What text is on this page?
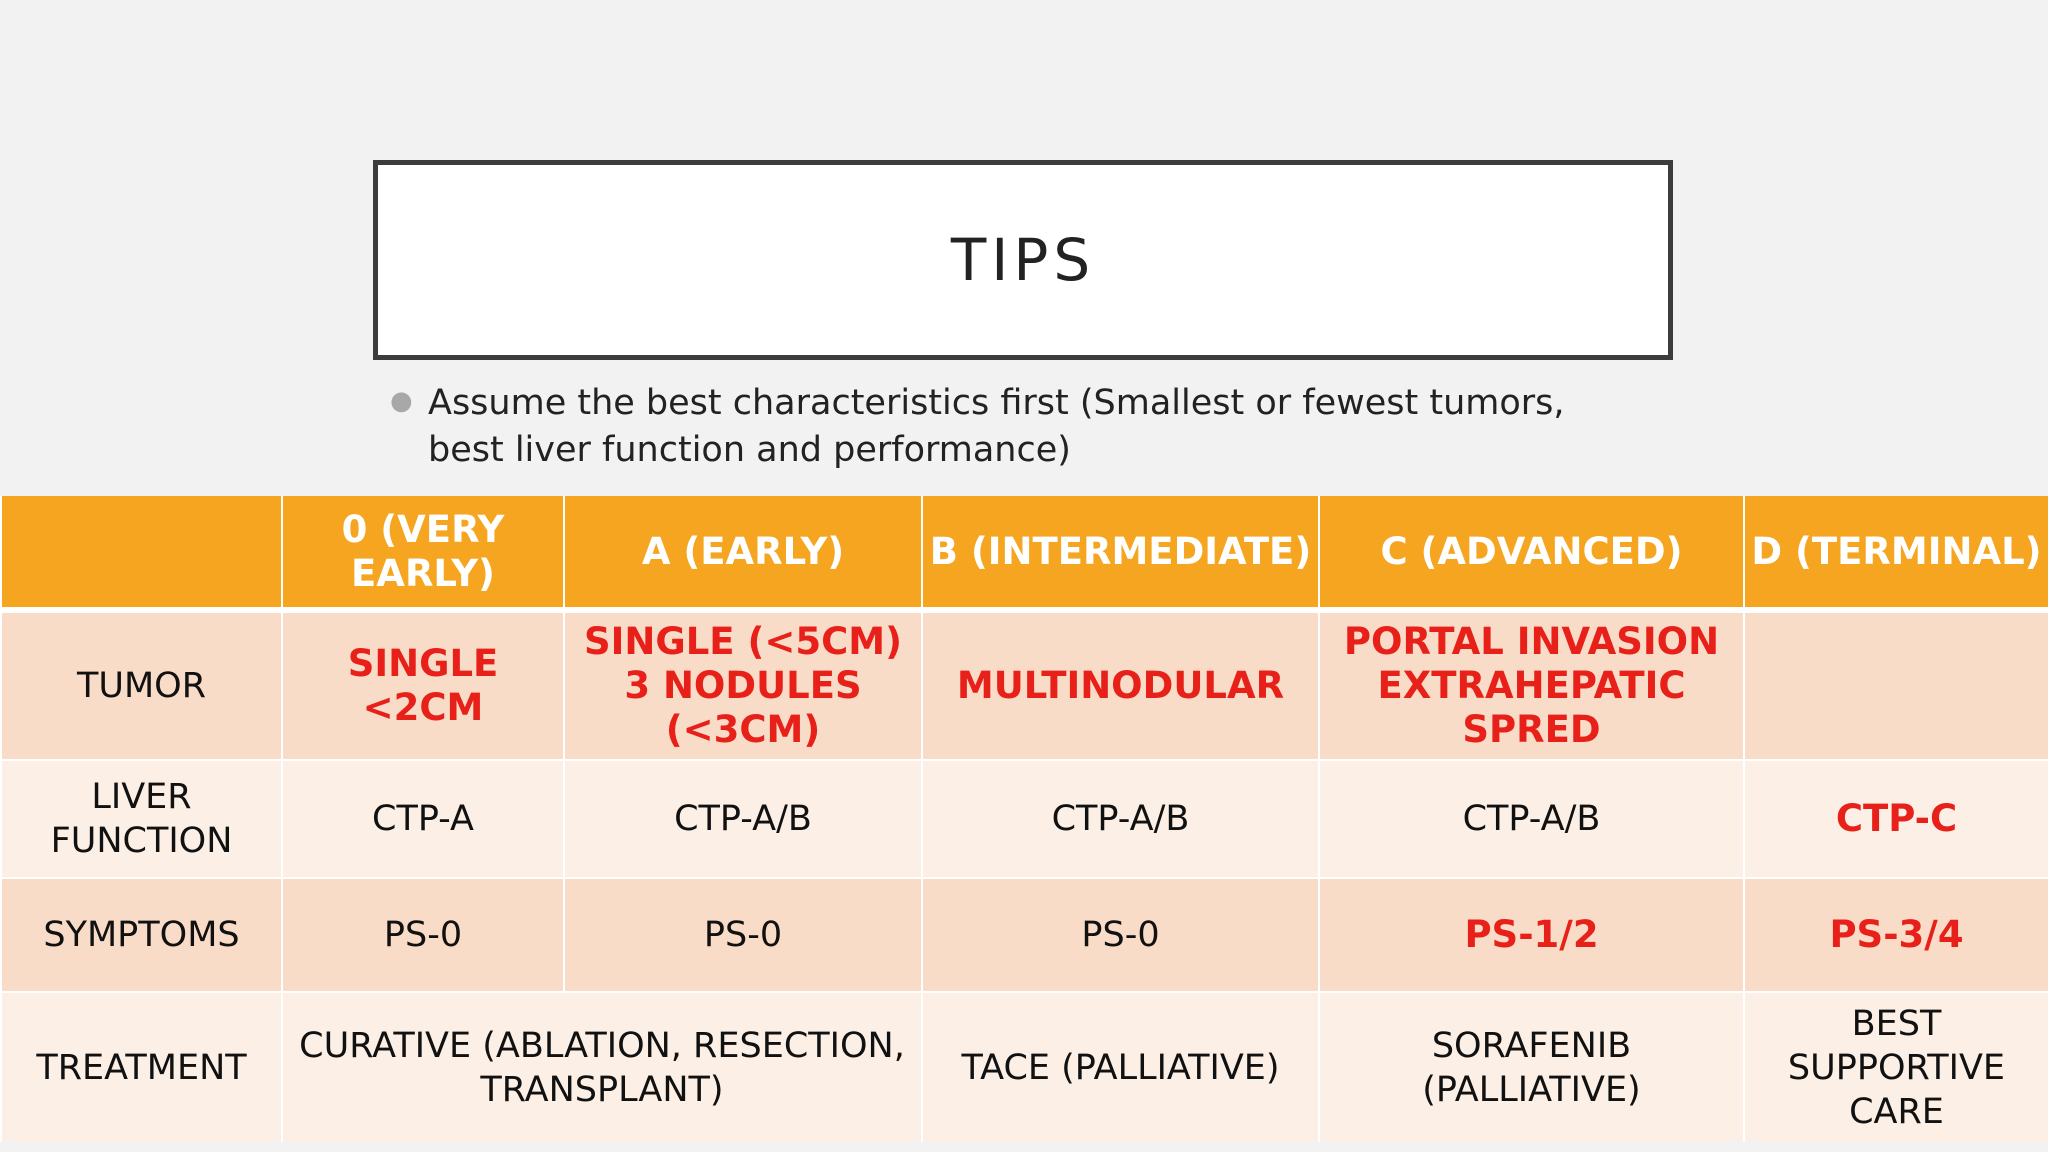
TIPS
● Assume the best characteristics first (Smallest or fewest tumors, best liver function and performance)
	0 (VERY EARLY)	A (EARLY)	B (INTERMEDIATE)	C (ADVANCED)	D (TERMINAL)
TUMOR	SINGLE <2CM	SINGLE (<5CM) 3 NODULES (<3CM)	MULTINODULAR	PORTAL INVASION EXTRAHEPATIC SPRED	
LIVER FUNCTION	CTP-A	CTP-A/B	CTP-A/B	CTP-A/B	CTP-C
SYMPTOMS	PS-0	PS-0	PS-0	PS-1/2	PS-3/4
TREATMENT	CURATIVE (ABLATION, RESECTION, TRANSPLANT)		TACE (PALLIATIVE)	SORAFENIB (PALLIATIVE)	BEST SUPPORTIVE CARE
